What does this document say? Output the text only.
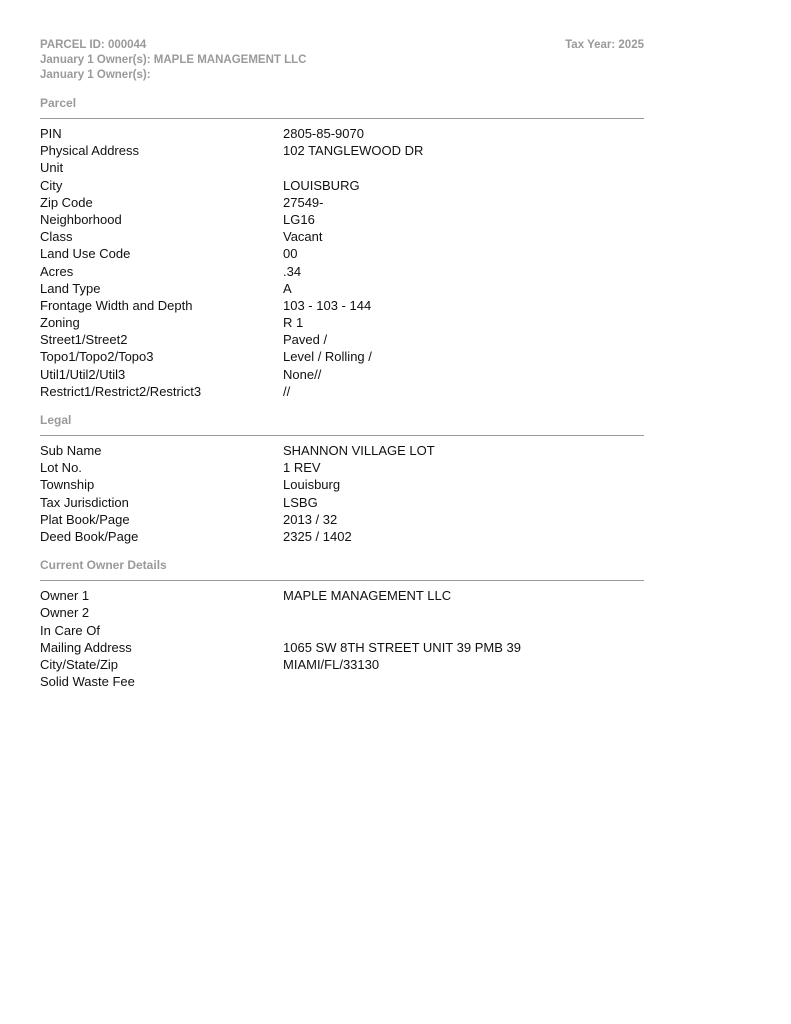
PARCEL ID: 000044	Tax Year: 2025
January 1 Owner(s): MAPLE MANAGEMENT LLC
January 1 Owner(s):
Parcel
PIN	2805-85-9070
Physical Address	102 TANGLEWOOD DR
Unit
City	LOUISBURG
Zip Code	27549-
Neighborhood	LG16
Class	Vacant
Land Use Code	00
Acres	.34
Land Type	A
Frontage Width and Depth	103 - 103 - 144
Zoning	R 1
Street1/Street2	Paved /
Topo1/Topo2/Topo3	Level / Rolling /
Util1/Util2/Util3	None//
Restrict1/Restrict2/Restrict3	//
Legal
Sub Name	SHANNON VILLAGE LOT
Lot No.	1 REV
Township	Louisburg
Tax Jurisdiction	LSBG
Plat Book/Page	2013 / 32
Deed Book/Page	2325 / 1402
Current Owner Details
Owner 1	MAPLE MANAGEMENT LLC
Owner 2
In Care Of
Mailing Address	1065 SW 8TH STREET UNIT 39 PMB 39
City/State/Zip	MIAMI/FL/33130
Solid Waste Fee
